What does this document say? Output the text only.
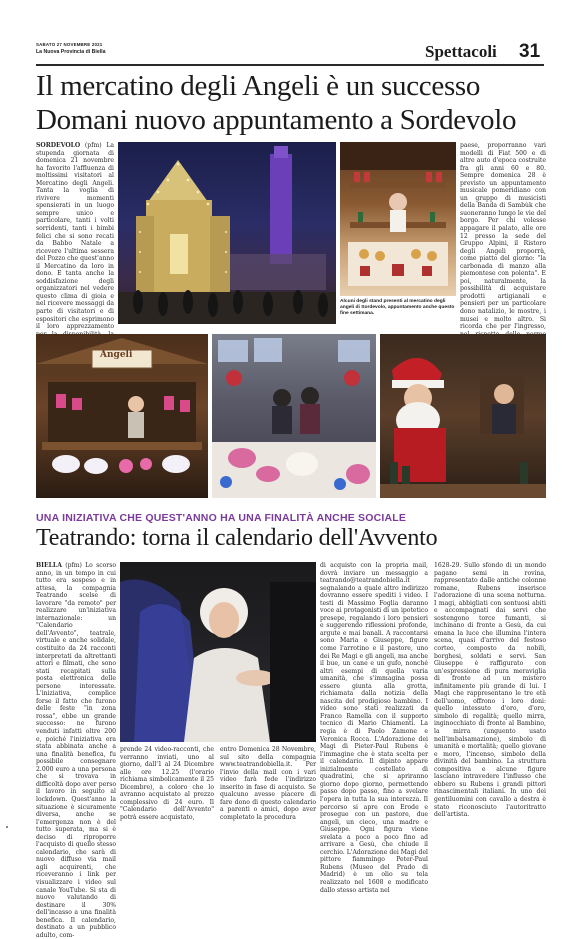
SABATO 27 NOVEMBRE 2021
La Nuova Provincia di Biella	Spettacoli 31
Il mercatino degli Angeli è un successo
Domani nuovo appuntamento a Sordevolo
SORDEVOLO (pfm) La stupenda giornata di domenica 21 novembre ha favorito l'affluenza di moltissimi visitatori al Mercatino degli Angeli. Tanta la voglia di rivivere momenti spensierati in un luogo sempre unico e particolare, tanti i volti sorridenti, tanti i bimbi felici che si sono recati da Babbo Natale a ricevere l'ultima sessera del Pozzo che quest'anno il Mercatino da loro in dono. E tanta anche la soddisfazione degli organizzatori nel vedere questo clima di gioia e nel ricevere messaggi da parte di visitatori e di espositori che esprimono il loro apprezzamento
Alcuni degli stand presenti al mercatino degli angeli di Sordevolo, appuntamento anche questo fine settimana.
paese, proporranno vari modelli di Fiat 500 e di altre auto d'epoca costruite fra gli anni 60 e 80. Sempre domenica 28 è previsto un appuntamento musicale pomeridiano con un gruppo di musicisti della Banda di Sambùk che suoneranno lungo le vie del borgo. Per chi volesse appagare il palato, alle ore 12 presso la sede del Gruppo Alpini, il Ristoro degli Angeli proporrà, come piatto del giorno: "la carbonada di manzo alla piemontese con polenta". E poi, naturalmente, la possibilità di acquistare prodotti artigianali e pensieri per un particolare dono natalizio, le mostre, i musei e molto altro. Si ricorda che per l'ingresso,
Angeli
UNA INIZIATIVA CHE QUEST'ANNO HA UNA FINALITÀ ANCHE SOCIALE
Teatrando: torna il calendario dell'Avvento
BIELLA (pfm) Lo scorso anno, in un tempo in cui tutto era sospeso e in attesa, la compagnia Teatrando scelse di lavorare "da remoto" per realizzare un'iniziativa internazionale: un "Calendario dell'Avvento", teatrale, virtuale e anche solidale, costituito da 24 racconti interpretati da altrettanti attori e filmati, che sono stati recapitati sulla posta elettronica delle persone interessate. L'iniziativa, complice forse il fatto che furono delle feste "in zona rossa", ebbe un grande successo: ne furono venduti infatti oltre 200 e, poiché l'iniziativa era stata abbinata anche a una finalità benefica, fu possibile consegnare 2.000 euro a una persona che si trovava in difficoltà dopo aver perso il lavoro in seguito al lockdown. Quest'anno la situazione è sicuramente diversa, anche se l'emergenza non è del tutto superata, ma si è deciso di riproporre l'acquisto di quello stesso calendario, che sarà di nuovo diffuso via mail agli acquirenti, che riceveranno i link per visualizzare i video sul canale YouTube. Si sta di nuovo valutando di destinare il 30% dell'incasso a una finalità benefica. Il calendario, destinato a un pubblico adulto, com-
prende 24 video-racconti, che verranno inviati, uno al giorno, dall'1 al 24 Dicembre alle ore 12.25 (l'orario richiama simbolicamente il 25 Dicembre), a coloro che lo avranno acquistato al prezzo complessivo di 24 euro. Il "Calendario dell'Avvento" potrà essere acquistato,
entro Domenica 28 Novembre, sul sito della compagnia www.teatrandobiella.it. Per l'invio della mail con i vari video farà fede l'indirizzo inserito in fase di acquisto. Se qualcuno avesse piacere di fare dono di questo calendario a parenti o amici, dopo aver completato la procedura
di acquisto con la propria mail, dovrà inviare un messaggio a teatrando@teatrandobiella.it segnalando a quale altro indirizzo dovranno essere spediti i video. I testi di Massimo Foglia daranno voce ai protagonisti di un ipotetico presepe, regalando i loro pensieri e suggerendo riflessioni profonde, argute e mai banali. A raccontarsi sono Maria e Giuseppe, figure come l'arrotino e il pastore, uno dei Re Magi e gli angeli, ma anche il bue, un cane e un gufo, nonché altri esempi di quella varia umanità, che s'immagina possa essere giunta alla grotta, richiamata dalla notizia della nascita del prodigioso bambino. I video sono stati realizzati da Franco Ramella con il supporto tecnico di Mario Chiamenti. La regia è di Paolo Zamone e Veronica Rocca. L'Adorazione dei Magi di Pieter-Paul Rubens è l'immagine che è stata scelta per il calendario. Il dipinto appare inizialmente costellato di quadratini, che si apriranno giorno dopo giorno, permettendo passo dopo passo, fino a svelare l'opera in tutta la sua interezza. Il percorso si apre con Erode e prosegue con un pastore, due angeli, un cieco, una madre e Giuseppe. Ogni figura viene svelata a poco a poco fino ad arrivare a Gesù, che chiude il cerchio. L'Adorazione dei Magi del pittore fiammingo Peter-Paul Rubens (Museo del Prado di Madrid) è un olio su tela realizzato nel 1608 e modificato dallo stesso artista nel
1628-29. Sullo sfondo di un mondo pagano semi in rovina, rappresentato dalle antiche colonne romane, Rubens inserisce l'adorazione di una scena notturna. I magi, abbigliati con sontuosi abiti e accompagnati dai servi che sostengono torce fumanti, si inchinano di fronte a Gesù, da cui emana la luce che illumina l'intera scena, quasi d'arrivo del festoso corteo, composto da nobili, borghesi, soldati e servi. San Giuseppe è raffigurato con un'espressione di pura meraviglia di fronte ad un mistero infinitamente più grande di lui. I Magi che rappresentano le tre età dell'uomo, offrono i loro doni: quello intessuto d'oro, d'oro, simbolo di regalità; quello mirra, inginocchiato di fronte al Bambino, la mirra (unguento usato nell'imbalsamazione), simbolo di umanità e mortalità; quello giovane e moro, l'incenso, simbolo della divinità del bambino. La struttura compositiva e alcune figure lasciano intravedere l'influsso che ebbero su Rubens i grandi pittori rinascimentali italiani. In uno dei gentiluomini con cavallo a destra è stato riconosciuto l'autoritratto dell'artista.
